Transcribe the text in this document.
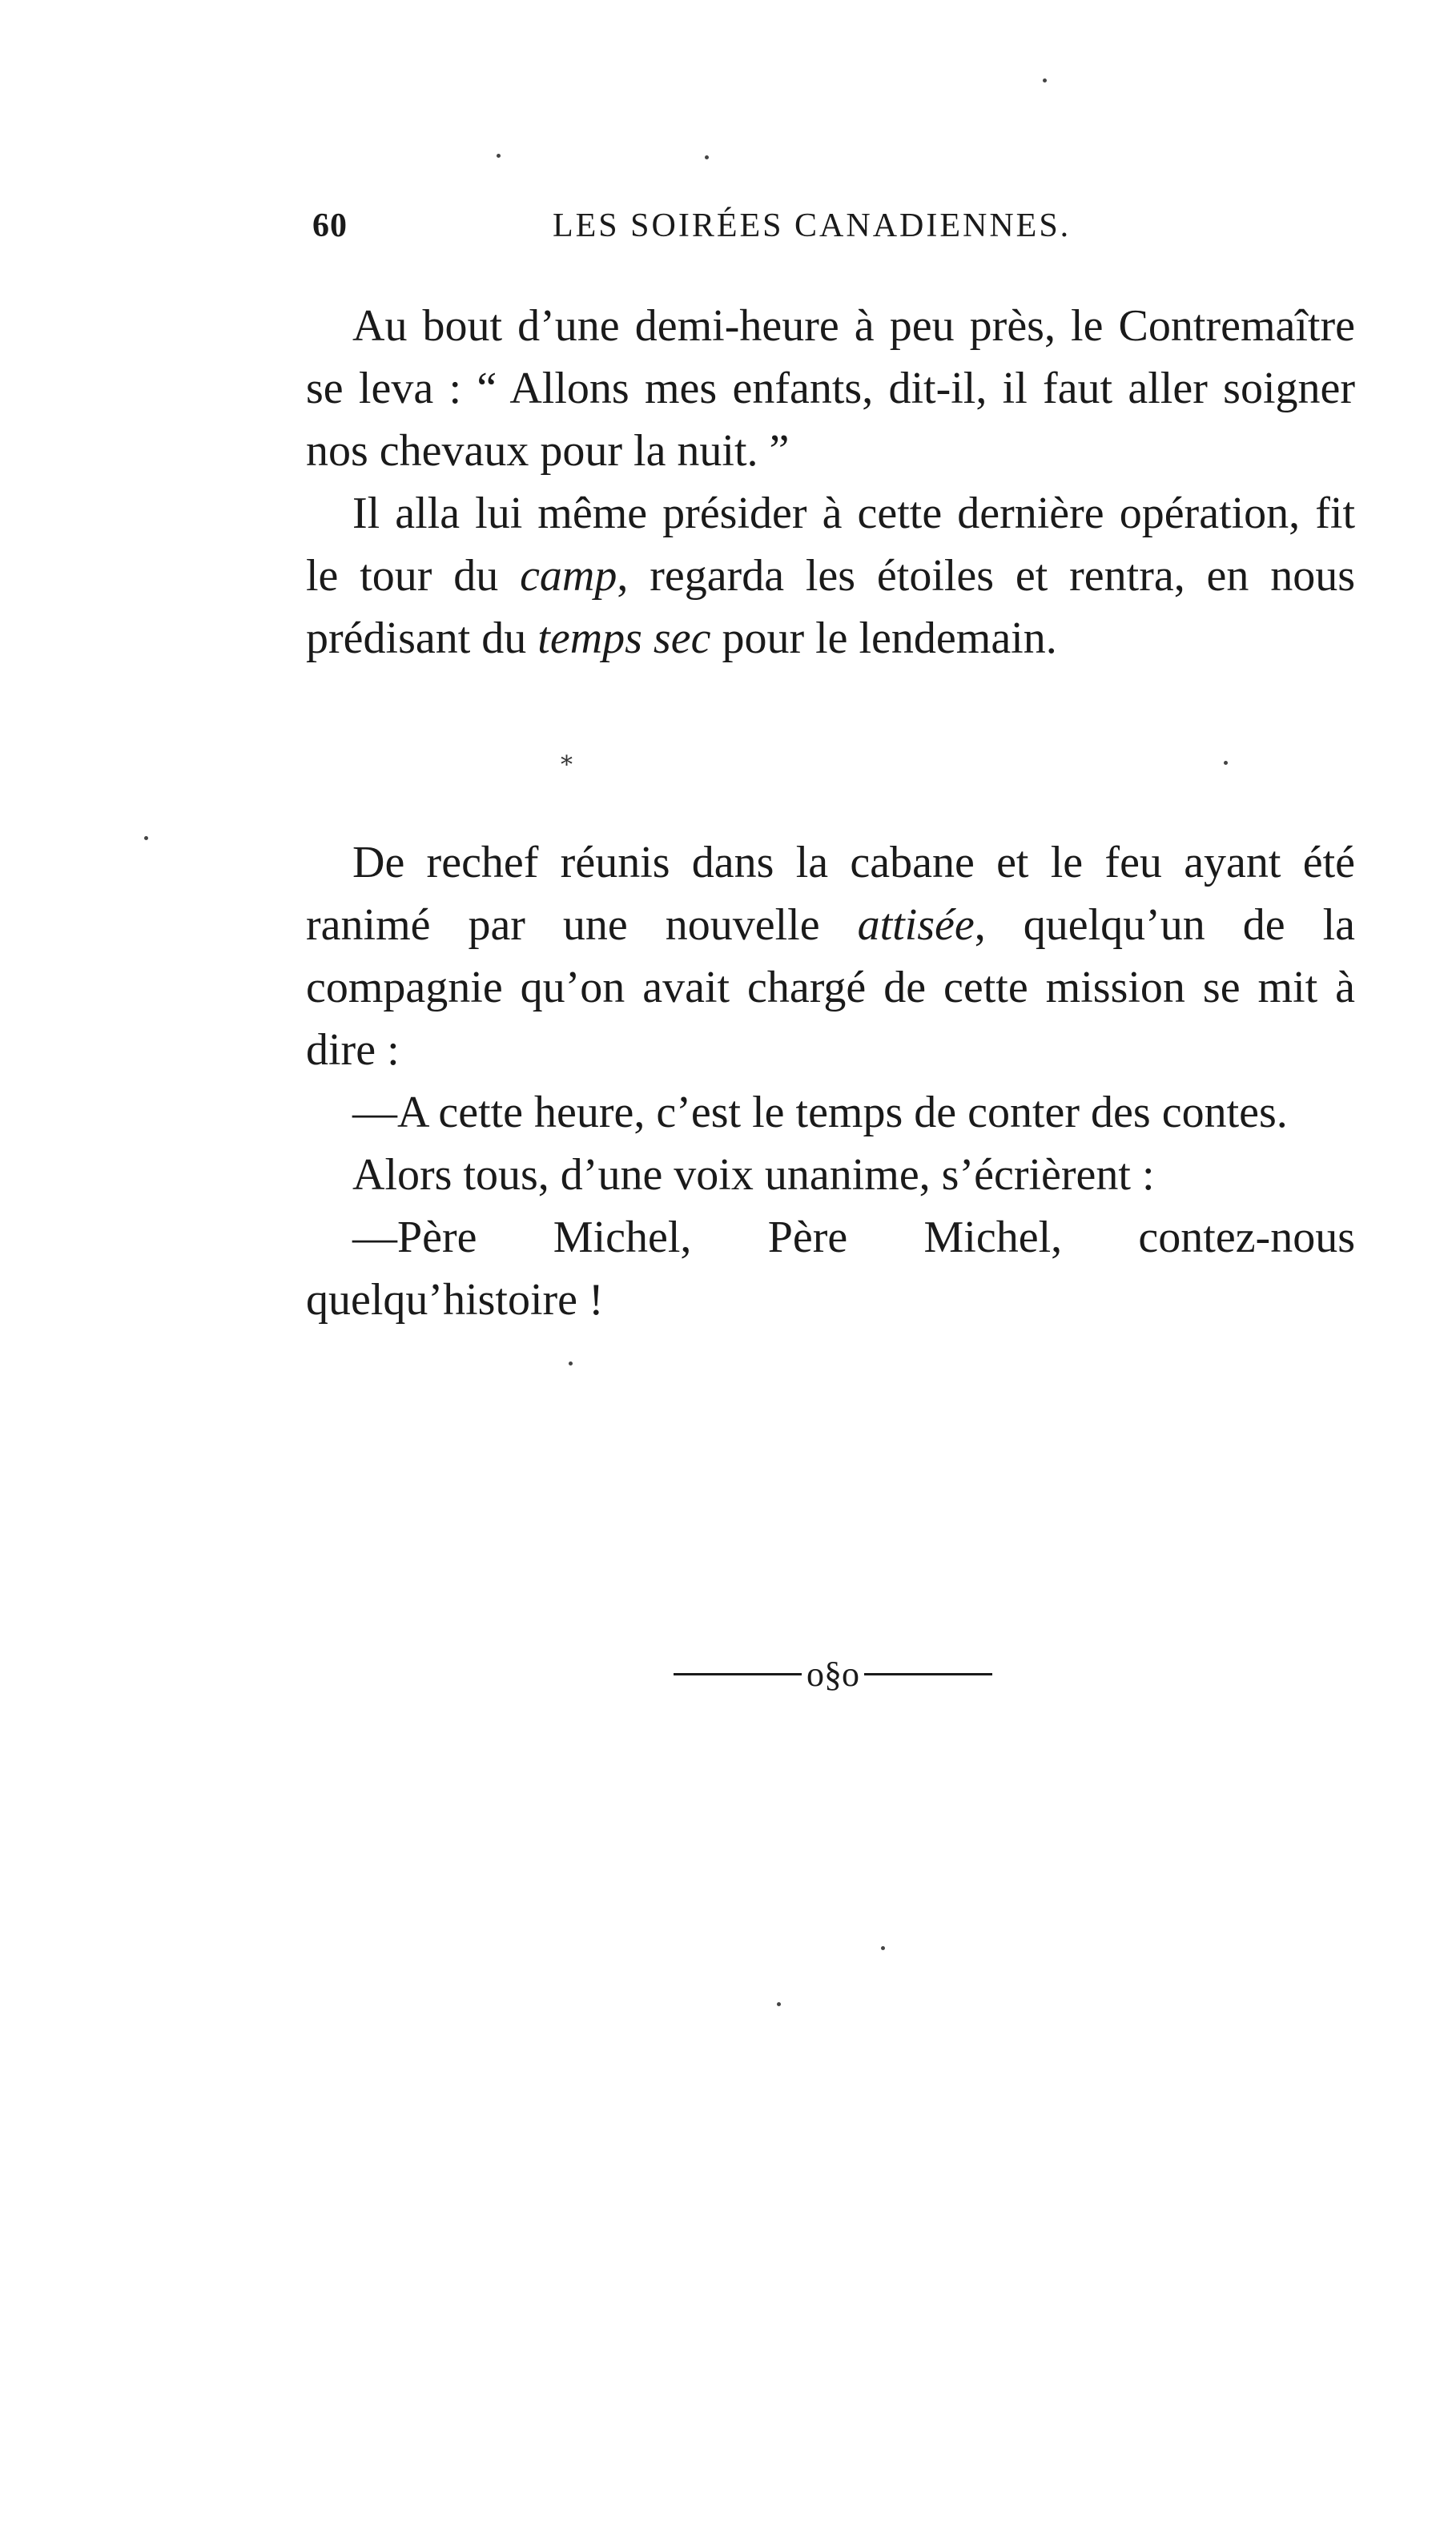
60	LES SOIRÉES CANADIENNES.

Au bout d’une demi-heure à peu près, le Contremaître se leva : “ Allons mes enfants, dit-il, il faut aller soigner nos chevaux pour la nuit. ”

Il alla lui même présider à cette dernière opération, fit le tour du camp, regarda les étoiles et rentra, en nous prédisant du temps sec pour le lendemain.

⁎

De rechef réunis dans la cabane et le feu ayant été ranimé par une nouvelle attisée, quelqu’un de la compagnie qu’on avait chargé de cette mission se mit à dire :

—A cette heure, c’est le temps de conter des contes.

Alors tous, d’une voix unanime, s’écrièrent :

—Père Michel, Père Michel, contez-nous quelqu’histoire !

o§o
